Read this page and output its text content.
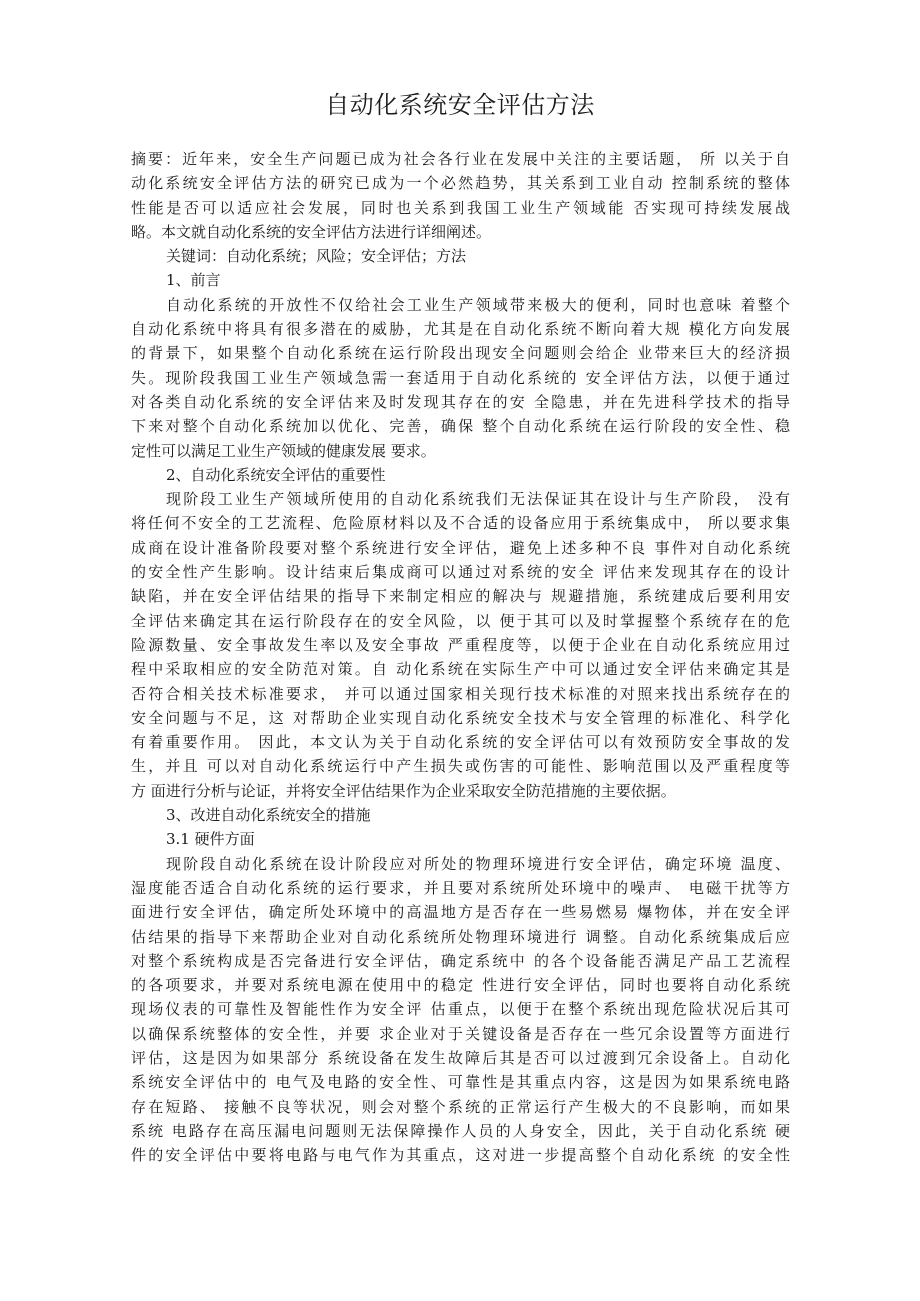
自动化系统安全评估方法
摘要：近年来，安全生产问题已成为社会各行业在发展中关注的主要话题， 所 以关于自
动化系统安全评估方法的研究已成为一个必然趋势，其关系到工业自动 控制系统的整体
性能是否可以适应社会发展，同时也关系到我国工业生产领域能 否实现可持续发展战
略。本文就自动化系统的安全评估方法进行详细阐述。
关键词：自动化系统；风险；安全评估；方法
1、前言
自动化系统的开放性不仅给社会工业生产领域带来极大的便利，同时也意味 着整个
自动化系统中将具有很多潜在的威胁，尤其是在自动化系统不断向着大规 模化方向发展
的背景下，如果整个自动化系统在运行阶段出现安全问题则会给企 业带来巨大的经济损
失。现阶段我国工业生产领域急需一套适用于自动化系统的 安全评估方法，以便于通过
对各类自动化系统的安全评估来及时发现其存在的安 全隐患，并在先进科学技术的指导
下来对整个自动化系统加以优化、完善，确保 整个自动化系统在运行阶段的安全性、稳
定性可以满足工业生产领域的健康发展 要求。
2、自动化系统安全评估的重要性
现阶段工业生产领域所使用的自动化系统我们无法保证其在设计与生产阶段， 没有
将任何不安全的工艺流程、危险原材料以及不合适的设备应用于系统集成中， 所以要求集
成商在设计准备阶段要对整个系统进行安全评估，避免上述多种不良 事件对自动化系统
的安全性产生影响。设计结束后集成商可以通过对系统的安全 评估来发现其存在的设计
缺陷，并在安全评估结果的指导下来制定相应的解决与 规避措施，系统建成后要利用安
全评估来确定其在运行阶段存在的安全风险，以 便于其可以及时掌握整个系统存在的危
险源数量、安全事故发生率以及安全事故 严重程度等，以便于企业在自动化系统应用过
程中采取相应的安全防范对策。自 动化系统在实际生产中可以通过安全评估来确定其是
否符合相关技术标准要求， 并可以通过国家相关现行技术标准的对照来找出系统存在的
安全问题与不足，这 对帮助企业实现自动化系统安全技术与安全管理的标准化、科学化
有着重要作用。 因此，本文认为关于自动化系统的安全评估可以有效预防安全事故的发
生，并且 可以对自动化系统运行中产生损失或伤害的可能性、影响范围以及严重程度等
方 面进行分析与论证，并将安全评估结果作为企业采取安全防范措施的主要依据。
3、改进自动化系统安全的措施
3.1 硬件方面
现阶段自动化系统在设计阶段应对所处的物理环境进行安全评估，确定环境 温度、
湿度能否适合自动化系统的运行要求，并且要对系统所处环境中的噪声、 电磁干扰等方
面进行安全评估，确定所处环境中的高温地方是否存在一些易燃易 爆物体，并在安全评
估结果的指导下来帮助企业对自动化系统所处物理环境进行 调整。自动化系统集成后应
对整个系统构成是否完备进行安全评估，确定系统中 的各个设备能否满足产品工艺流程
的各项要求，并要对系统电源在使用中的稳定 性进行安全评估，同时也要将自动化系统
现场仪表的可靠性及智能性作为安全评 估重点，以便于在整个系统出现危险状况后其可
以确保系统整体的安全性，并要 求企业对于关键设备是否存在一些冗余设置等方面进行
评估，这是因为如果部分 系统设备在发生故障后其是否可以过渡到冗余设备上。自动化
系统安全评估中的 电气及电路的安全性、可靠性是其重点内容，这是因为如果系统电路
存在短路、 接触不良等状况，则会对整个系统的正常运行产生极大的不良影响，而如果
系统 电路存在高压漏电问题则无法保障操作人员的人身安全，因此，关于自动化系统 硬
件的安全评估中要将电路与电气作为其重点，这对进一步提高整个自动化系统 的安全性
